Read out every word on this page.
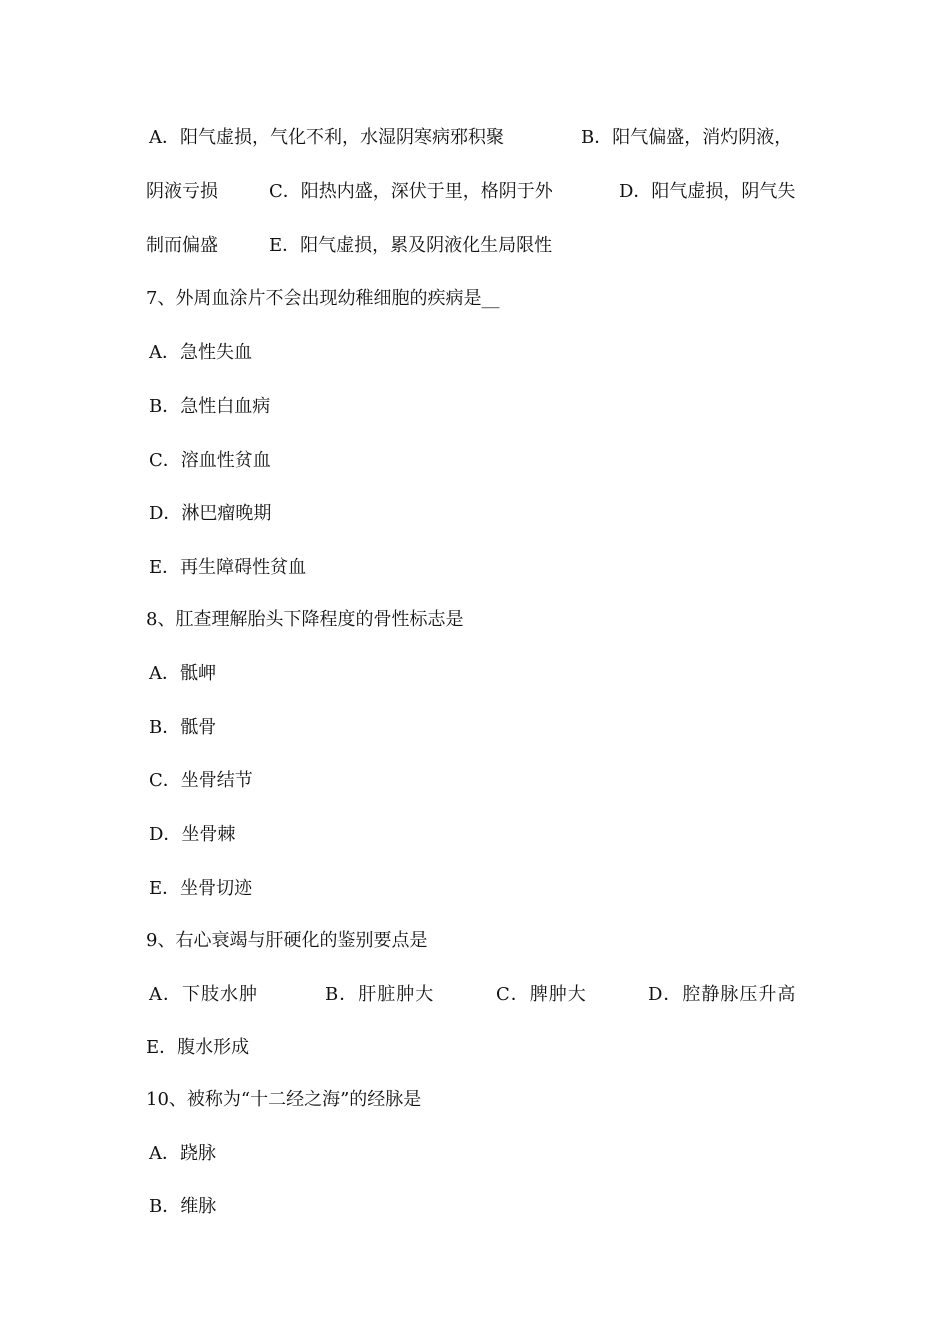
A．阳气虚损，气化不利，水湿阴寒病邪积聚	B．阳气偏盛，消灼阴液，
阴液亏损	C．阳热内盛，深伏于里，格阴于外	D．阳气虚损，阴气失
制而偏盛	E．阳气虚损，累及阴液化生局限性
7、外周血涂片不会出现幼稚细胞的疾病是__
A．急性失血
B．急性白血病
C．溶血性贫血
D．淋巴瘤晚期
E．再生障碍性贫血
8、肛查理解胎头下降程度的骨性标志是
A．骶岬
B．骶骨
C．坐骨结节
D．坐骨棘
E．坐骨切迹
9、右心衰竭与肝硬化的鉴别要点是
A．下肢水肿	B．肝脏肿大	C．脾肿大	D．腔静脉压升高
E．腹水形成
10、被称为“十二经之海”的经脉是
A．跷脉
B．维脉
